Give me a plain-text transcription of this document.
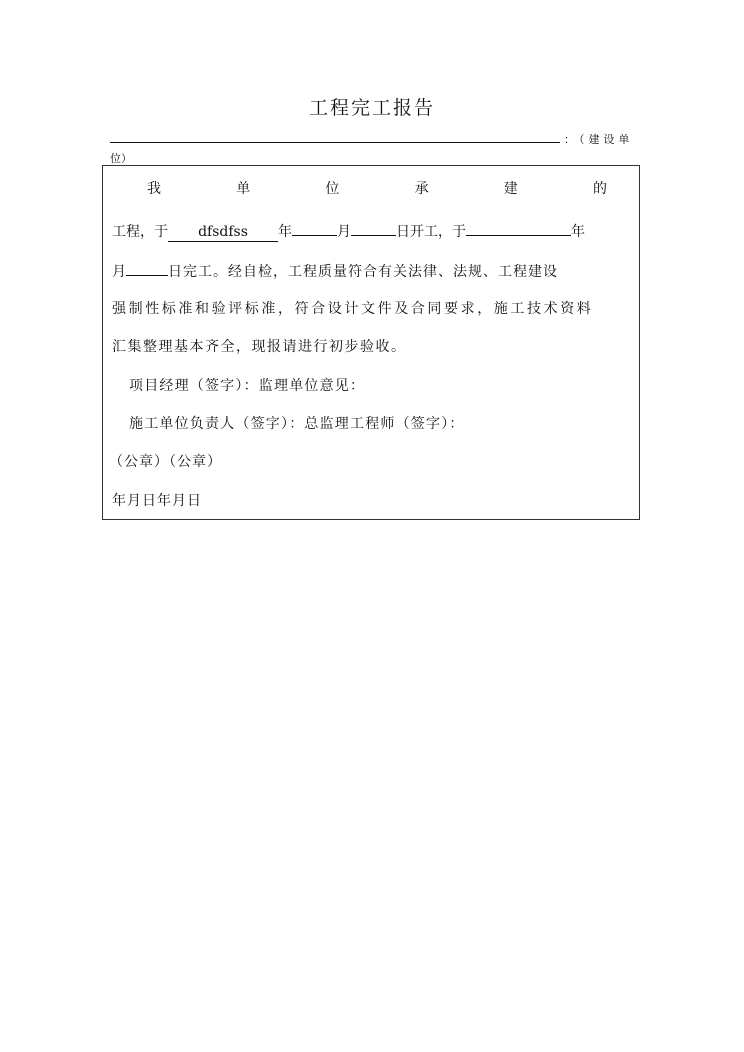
工程完工报告
：（建设单
位）
我	单	位	承	建	的
工程，于 dfsdfss 年	月	日开工，于	年
月	日完工。经自检，工程质量符合有关法律、法规、工程建设
强制性标准和验评标准，符合设计文件及合同要求，施工技术资料
汇集整理基本齐全，现报请进行初步验收。
项目经理（签字）：监理单位意见：
施工单位负责人（签字）：总监理工程师（签字）：
（公章）（公章）
年月日年月日
